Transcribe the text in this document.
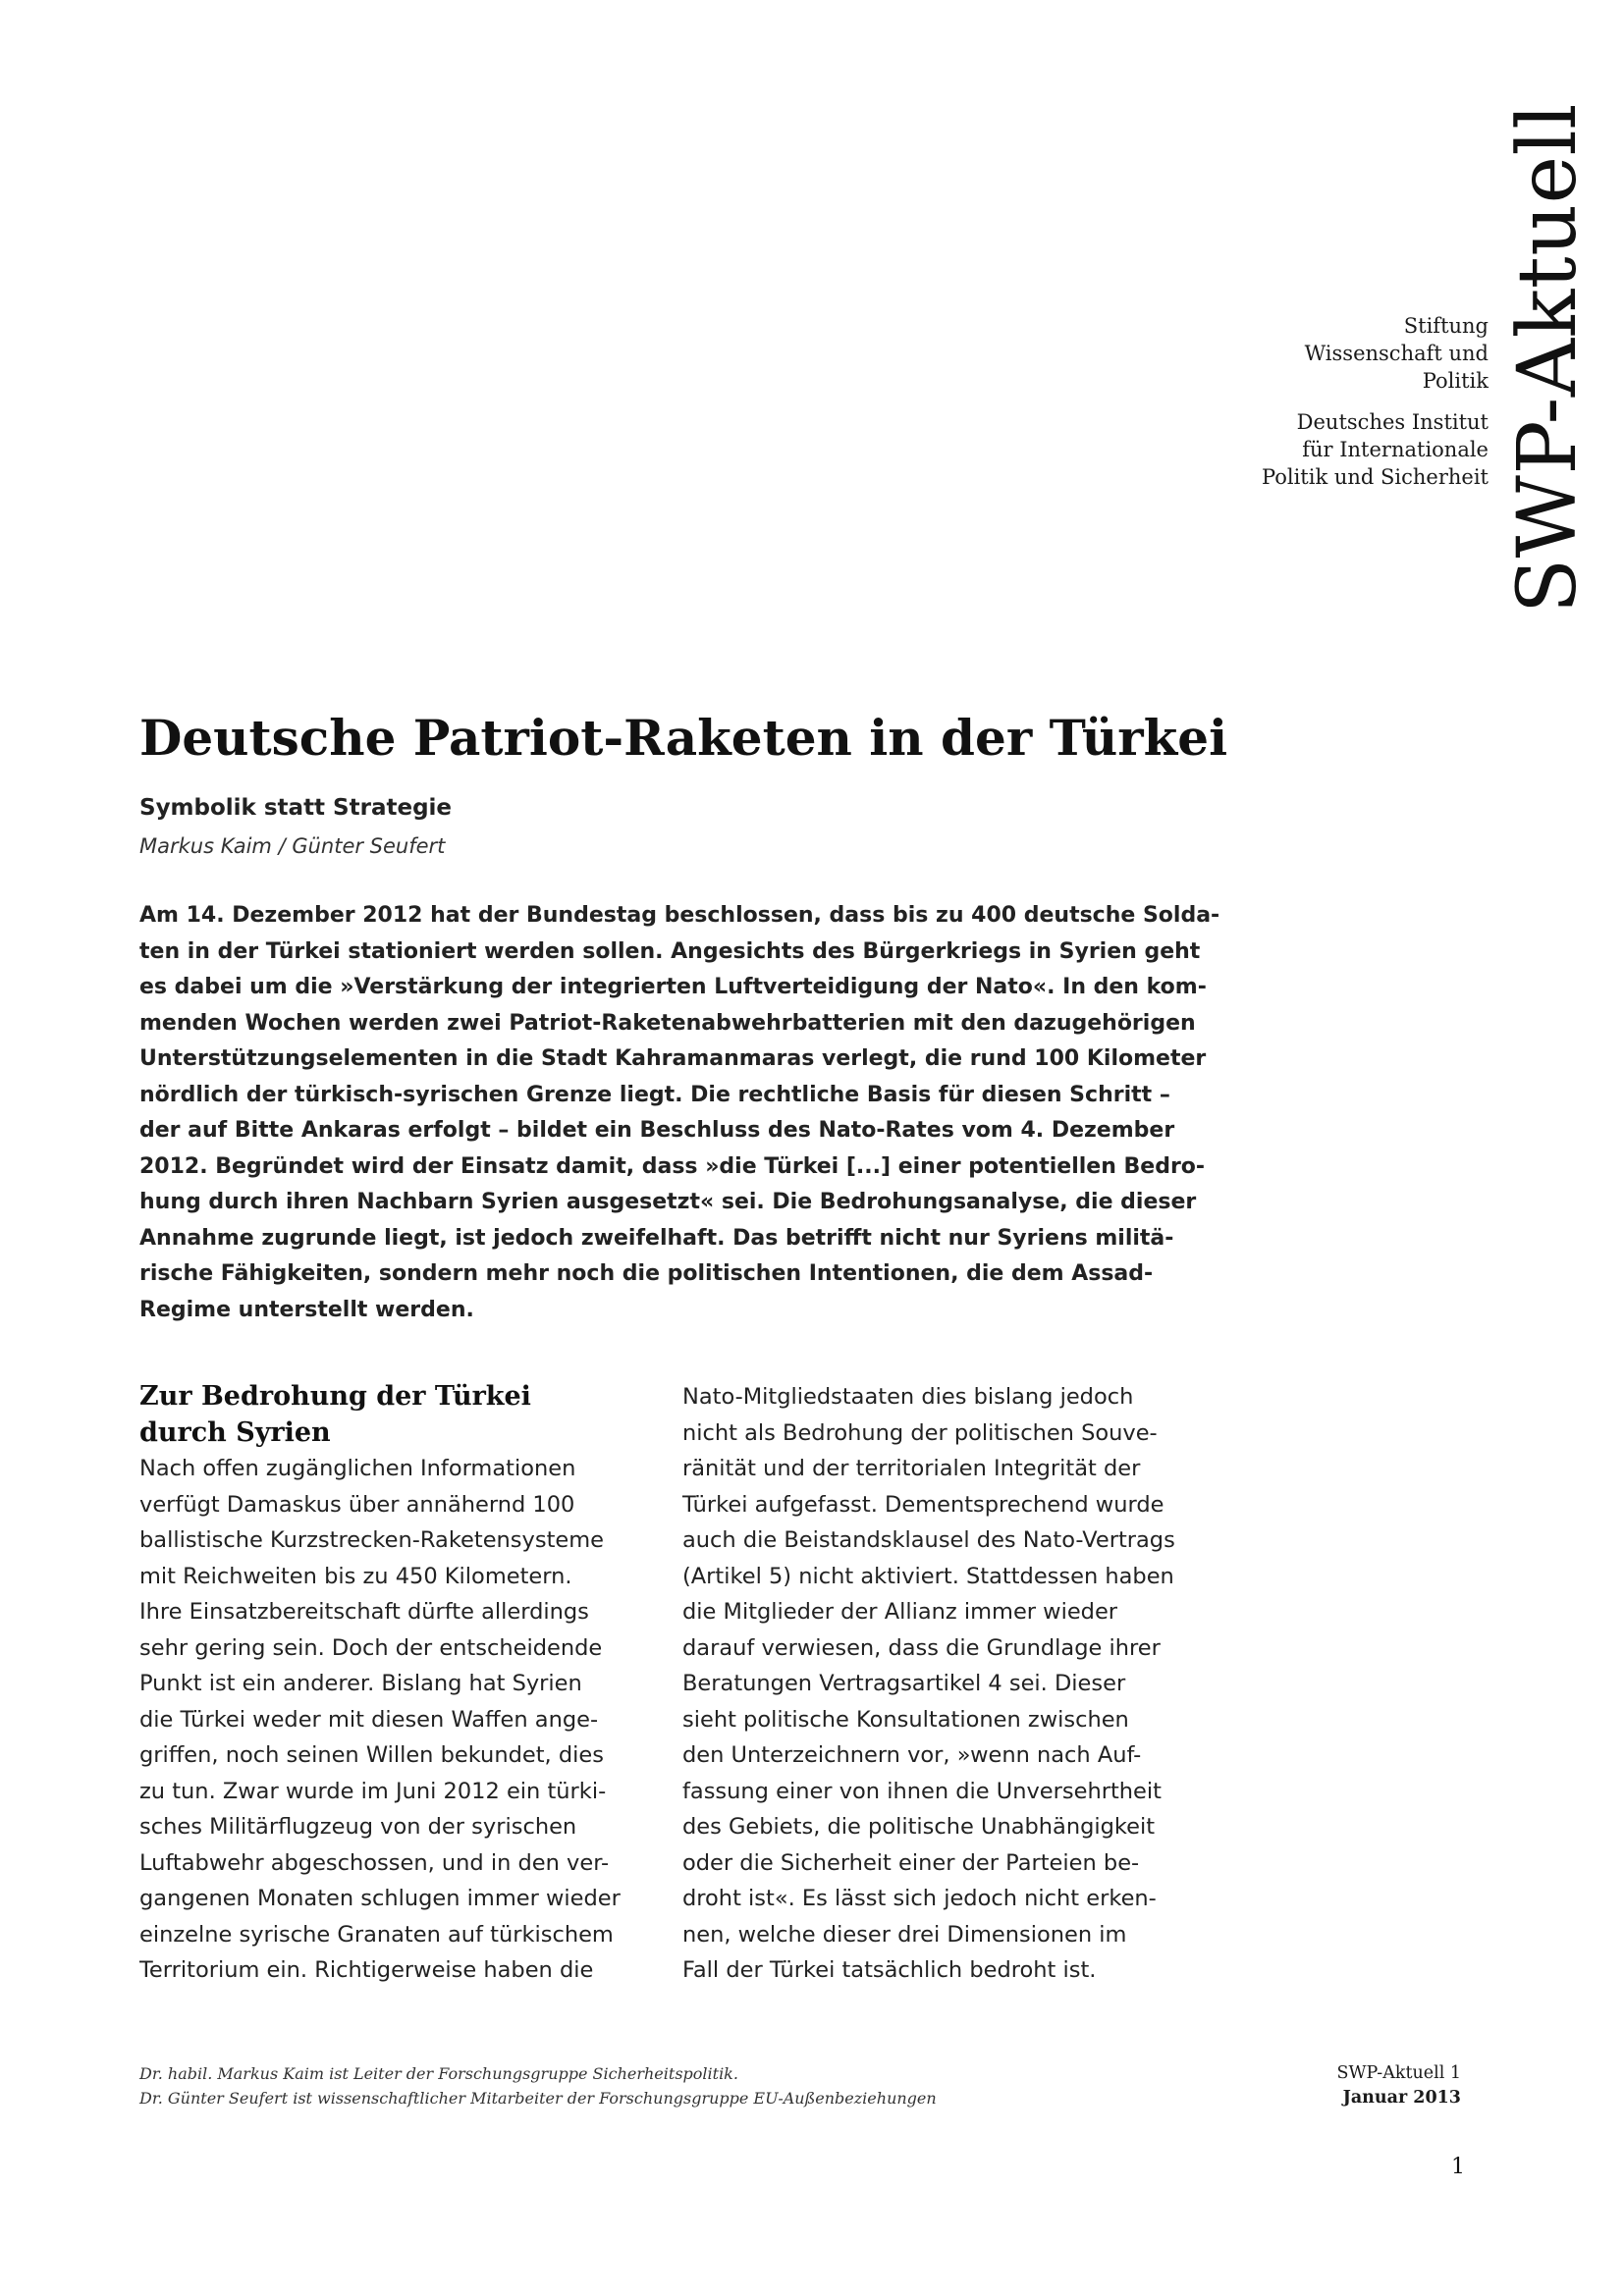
SWP-Aktuell
Stiftung
Wissenschaft und
Politik
Deutsches Institut
für Internationale
Politik und Sicherheit
Deutsche Patriot-Raketen in der Türkei

Symbolik statt Strategie

Markus Kaim / Günter Seufert

Am 14. Dezember 2012 hat der Bundestag beschlossen, dass bis zu 400 deutsche Solda-
ten in der Türkei stationiert werden sollen. Angesichts des Bürgerkriegs in Syrien geht
es dabei um die »Verstärkung der integrierten Luftverteidigung der Nato«. In den kom-
menden Wochen werden zwei Patriot-Raketenabwehrbatterien mit den dazugehörigen
Unterstützungselementen in die Stadt Kahramanmaras verlegt, die rund 100 Kilometer
nördlich der türkisch-syrischen Grenze liegt. Die rechtliche Basis für diesen Schritt –
der auf Bitte Ankaras erfolgt – bildet ein Beschluss des Nato-Rates vom 4. Dezember
2012. Begründet wird der Einsatz damit, dass »die Türkei [...] einer potentiellen Bedro-
hung durch ihren Nachbarn Syrien ausgesetzt« sei. Die Bedrohungsanalyse, die dieser
Annahme zugrunde liegt, ist jedoch zweifelhaft. Das betrifft nicht nur Syriens militä-
rische Fähigkeiten, sondern mehr noch die politischen Intentionen, die dem Assad-
Regime unterstellt werden.
Zur Bedrohung der Türkei
durch Syrien
Nach offen zugänglichen Informationen
verfügt Damaskus über annähernd 100
ballistische Kurzstrecken-Raketensysteme
mit Reichweiten bis zu 450 Kilometern.
Ihre Einsatzbereitschaft dürfte allerdings
sehr gering sein. Doch der entscheidende
Punkt ist ein anderer. Bislang hat Syrien
die Türkei weder mit diesen Waffen ange-
griffen, noch seinen Willen bekundet, dies
zu tun. Zwar wurde im Juni 2012 ein türki-
sches Militärflugzeug von der syrischen
Luftabwehr abgeschossen, und in den ver-
gangenen Monaten schlugen immer wieder
einzelne syrische Granaten auf türkischem
Territorium ein. Richtigerweise haben die
Nato-Mitgliedstaaten dies bislang jedoch
nicht als Bedrohung der politischen Souve-
ränität und der territorialen Integrität der
Türkei aufgefasst. Dementsprechend wurde
auch die Beistandsklausel des Nato-Vertrags
(Artikel 5) nicht aktiviert. Stattdessen haben
die Mitglieder der Allianz immer wieder
darauf verwiesen, dass die Grundlage ihrer
Beratungen Vertragsartikel 4 sei. Dieser
sieht politische Konsultationen zwischen
den Unterzeichnern vor, »wenn nach Auf-
fassung einer von ihnen die Unversehrtheit
des Gebiets, die politische Unabhängigkeit
oder die Sicherheit einer der Parteien be-
droht ist«. Es lässt sich jedoch nicht erken-
nen, welche dieser drei Dimensionen im
Fall der Türkei tatsächlich bedroht ist.
Dr. habil. Markus Kaim ist Leiter der Forschungsgruppe Sicherheitspolitik.
Dr. Günter Seufert ist wissenschaftlicher Mitarbeiter der Forschungsgruppe EU-Außenbeziehungen
SWP-Aktuell 1
Januar 2013
1
